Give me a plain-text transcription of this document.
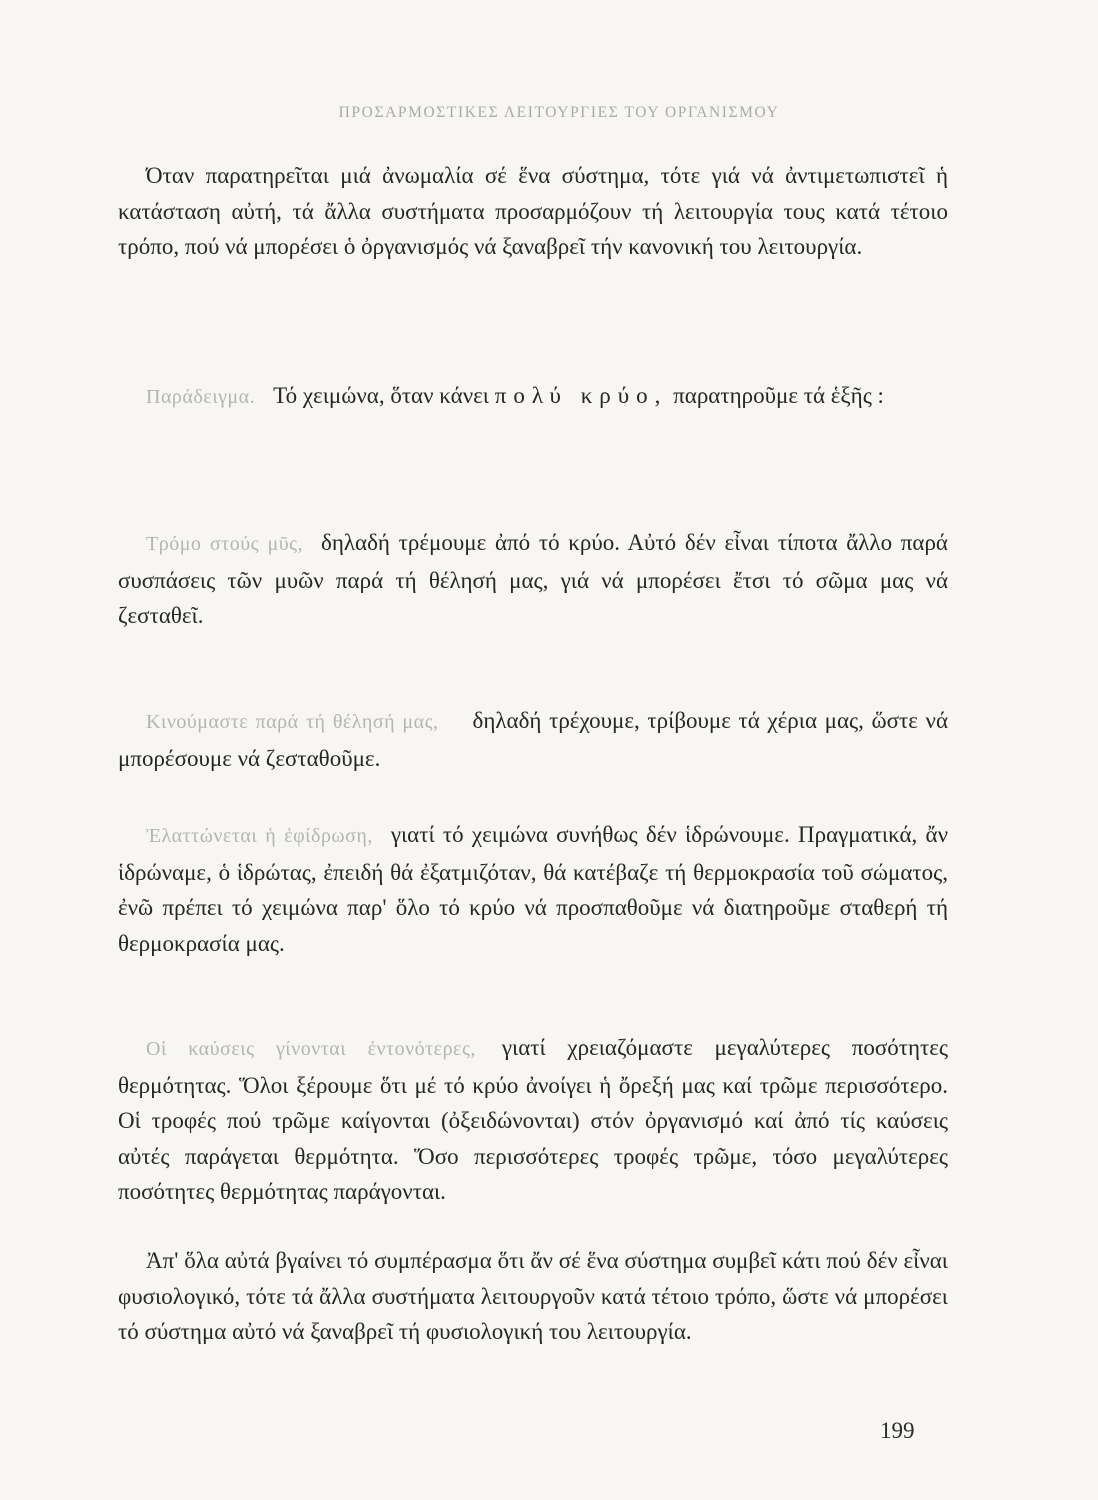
ΠΡΟΣΑΡΜΟΣΤΙΚΕΣ ΛΕΙΤΟΥΡΓΙΕΣ ΤΟΥ ΟΡΓΑΝΙΣΜΟΥ

Όταν παρατηρεῖται μιά ἀνωμαλία σέ ἕνα σύστημα, τότε γιά νά ἀντιμετωπιστεῖ ἡ κατάσταση αὐτή, τά ἄλλα συστήματα προσαρμόζουν τή λειτουργία τους κατά τέτοιο τρόπο, πού νά μπορέσει ὁ ὀργανισμός νά ξαναβρεῖ τήν κανονική του λειτουργία.

Παράδειγμα. Τό χειμώνα, ὅταν κάνει πολύ κρύο, παρατηροῦμε τά ἑξῆς :

Τρόμο στούς μῦς, δηλαδή τρέμουμε ἀπό τό κρύο. Αὐτό δέν εἶναι τίποτα ἄλλο παρά συσπάσεις τῶν μυῶν παρά τή θέλησή μας, γιά νά μπορέσει ἔτσι τό σῶμα μας νά ζεσταθεῖ.

Κινούμαστε παρά τή θέλησή μας, δηλαδή τρέχουμε, τρίβουμε τά χέρια μας, ὥστε νά μπορέσουμε νά ζεσταθοῦμε.

Ἐλαττώνεται ἡ ἐφίδρωση, γιατί τό χειμώνα συνήθως δέν ἱδρώνουμε. Πραγματικά, ἄν ἱδρώναμε, ὁ ἱδρώτας, ἐπειδή θά ἐξατμιζόταν, θά κατέβαζε τή θερμοκρασία τοῦ σώματος, ἐνῶ πρέπει τό χειμώνα παρ' ὅλο τό κρύο νά προσπαθοῦμε νά διατηροῦμε σταθερή τή θερμοκρασία μας.

Οἱ καύσεις γίνονται ἐντονότερες, γιατί χρειαζόμαστε μεγαλύτερες ποσότητες θερμότητας. Ὅλοι ξέρουμε ὅτι μέ τό κρύο ἀνοίγει ἡ ὄρεξή μας καί τρῶμε περισσότερο. Οἱ τροφές πού τρῶμε καίγονται (ὀξειδώνονται) στόν ὀργανισμό καί ἀπό τίς καύσεις αὐτές παράγεται θερμότητα. Ὅσο περισσότερες τροφές τρῶμε, τόσο μεγαλύτερες ποσότητες θερμότητας παράγονται.

Ἀπ' ὅλα αὐτά βγαίνει τό συμπέρασμα ὅτι ἄν σέ ἕνα σύστημα συμβεῖ κάτι πού δέν εἶναι φυσιολογικό, τότε τά ἄλλα συστήματα λειτουργοῦν κατά τέτοιο τρόπο, ὥστε νά μπορέσει τό σύστημα αὐτό νά ξαναβρεῖ τή φυσιολογική του λειτουργία.

199
